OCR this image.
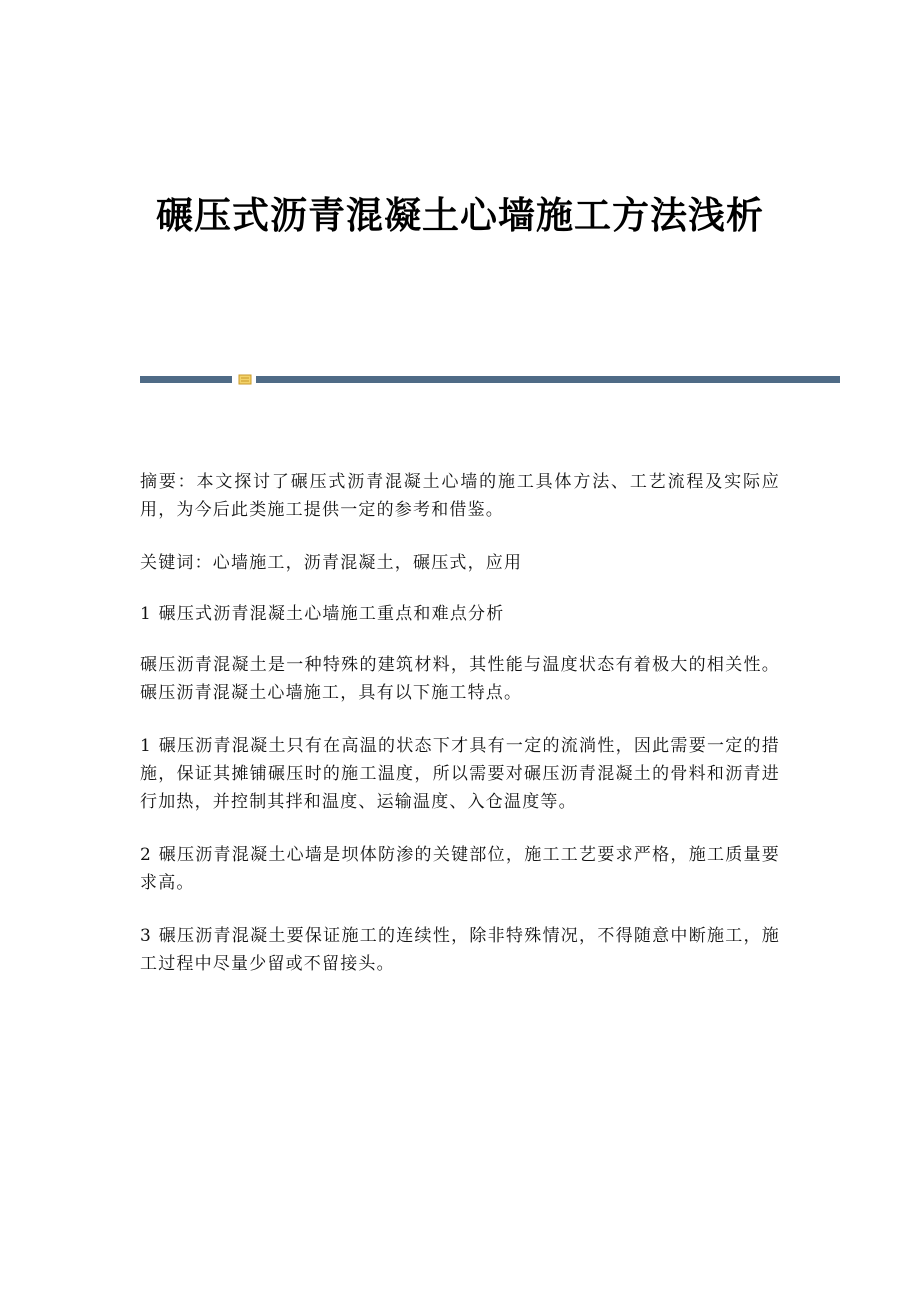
碾压式沥青混凝土心墙施工方法浅析

摘要：本文探讨了碾压式沥青混凝土心墙的施工具体方法、工艺流程及实际应用，为今后此类施工提供一定的参考和借鉴。

关键词：心墙施工，沥青混凝土，碾压式，应用

1 碾压式沥青混凝土心墙施工重点和难点分析

碾压沥青混凝土是一种特殊的建筑材料，其性能与温度状态有着极大的相关性。碾压沥青混凝土心墙施工，具有以下施工特点。

1 碾压沥青混凝土只有在高温的状态下才具有一定的流淌性，因此需要一定的措施，保证其摊铺碾压时的施工温度，所以需要对碾压沥青混凝土的骨料和沥青进行加热，并控制其拌和温度、运输温度、入仓温度等。

2 碾压沥青混凝土心墙是坝体防渗的关键部位，施工工艺要求严格，施工质量要求高。

3 碾压沥青混凝土要保证施工的连续性，除非特殊情况，不得随意中断施工，施工过程中尽量少留或不留接头。
